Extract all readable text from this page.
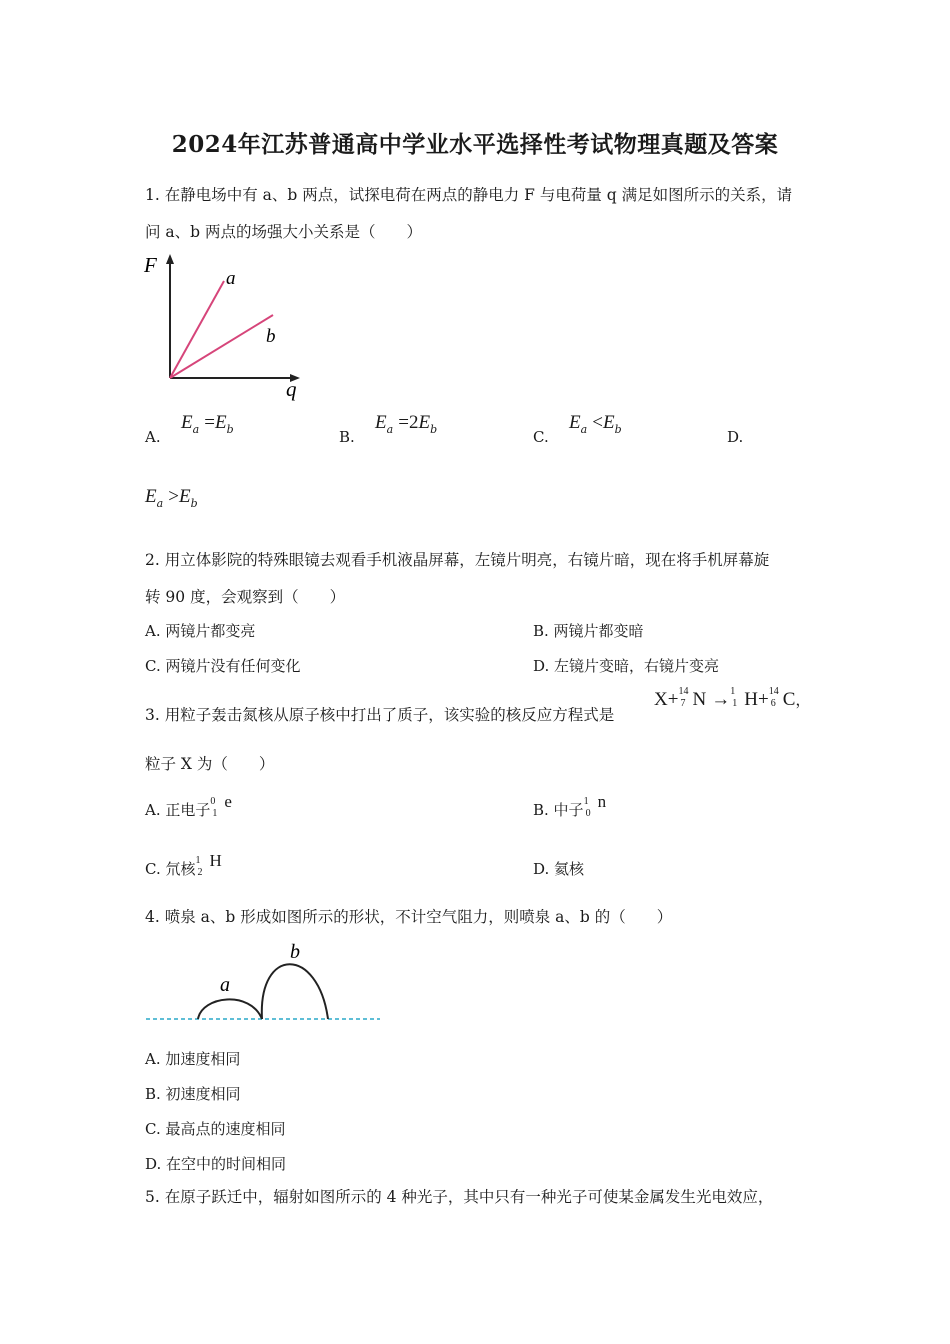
2024年江苏普通高中学业水平选择性考试物理真题及答案
1. 在静电场中有 a、b 两点，试探电荷在两点的静电力 F 与电荷量 q 满足如图所示的关系，请
问 a、b 两点的场强大小关系是（　　）
F
q
a
b
A.
$E_a =E_b$	B.
$E_a =2E_b$	C.
$E_a <E_b$	D.
$E_a >E_b$
2. 用立体影院的特殊眼镜去观看手机液晶屏幕，左镜片明亮，右镜片暗，现在将手机屏幕旋
转 90 度，会观察到（　　）
A. 两镜片都变亮	B. 两镜片都变暗
C. 两镜片没有任何变化	D. 左镜片变暗，右镜片变亮
3. 用粒子轰击氮核从原子核中打出了质子，该实验的核反应方程式是
X+ 14
7 N → 1
1 H+ 14
6 C，
粒子 X 为（　　）
A. 正电子 0
1
e	B. 中子 1
0
n
C. 氘核 1
2
H	D. 氦核
4. 喷泉 a、b 形成如图所示的形状，不计空气阻力，则喷泉 a、b 的（　　）
a
b
A. 加速度相同
B. 初速度相同
C. 最高点的速度相同
D. 在空中的时间相同
5. 在原子跃迁中，辐射如图所示的 4 种光子，其中只有一种光子可使某金属发生光电效应，
